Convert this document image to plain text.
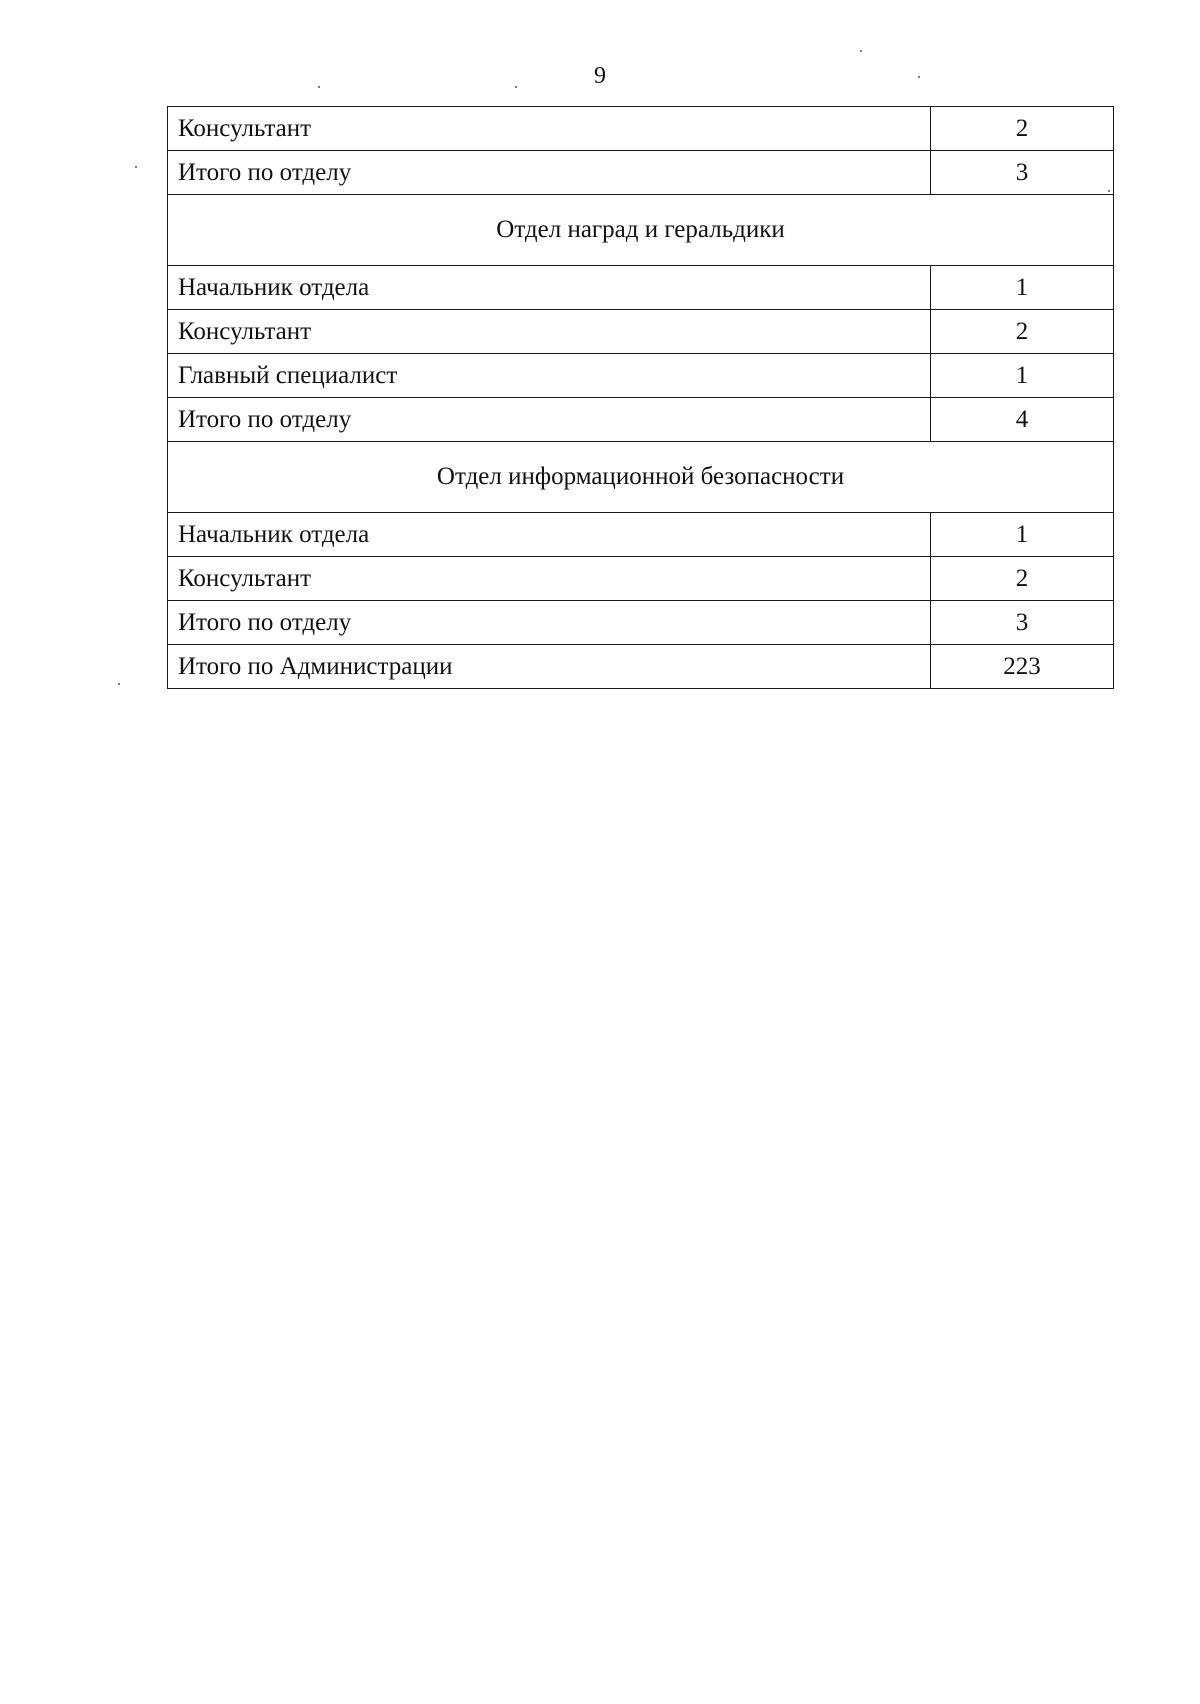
9
Консультант	2
Итого по отделу	3
Отдел наград и геральдики	
Начальник отдела	1
Консультант	2
Главный специалист	1
Итого по отделу	4
Отдел информационной безопасности	
Начальник отдела	1
Консультант	2
Итого по отделу	3
Итого по Администрации	223
